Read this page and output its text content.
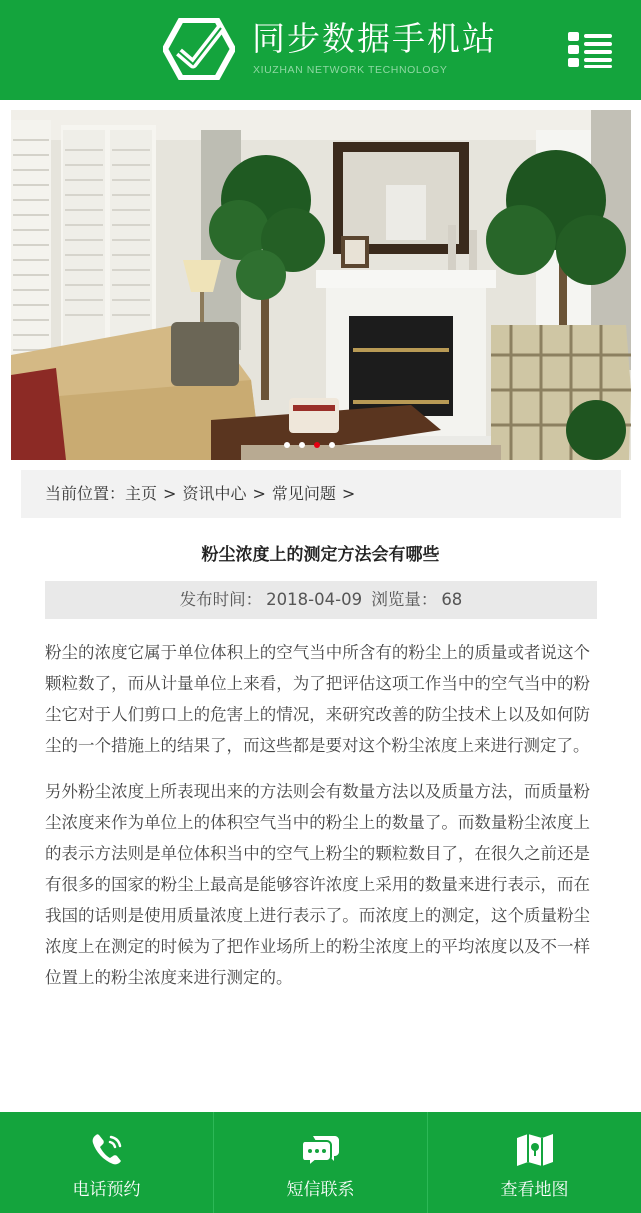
同步数据手机站
XIUZHAN NETWORK TECHNOLOGY
当前位置：主页 > 资讯中心 > 常见问题 >
粉尘浓度上的测定方法会有哪些
发布时间： 2018-04-09 浏览量： 68

粉尘的浓度它属于单位体积上的空气当中所含有的粉尘上的质量或者说这个颗粒数了，而从计量单位上来看，为了把评估这项工作当中的空气当中的粉尘它对于人们剪口上的危害上的情况，来研究改善的防尘技术上以及如何防尘的一个措施上的结果了，而这些都是要对这个粉尘浓度上来进行测定了。

另外粉尘浓度上所表现出来的方法则会有数量方法以及质量方法，而质量粉尘浓度来作为单位上的体积空气当中的粉尘上的数量了。而数量粉尘浓度上的表示方法则是单位体积当中的空气上粉尘的颗粒数目了，在很久之前还是有很多的国家的粉尘上最高是能够容许浓度上采用的数量来进行表示，而在我国的话则是使用质量浓度上进行表示了。而浓度上的测定，这个质量粉尘浓度上在测定的时候为了把作业场所上的粉尘浓度上的平均浓度以及不一样位置上的粉尘浓度来进行测定的。

电话预约	短信联系	查看地图
